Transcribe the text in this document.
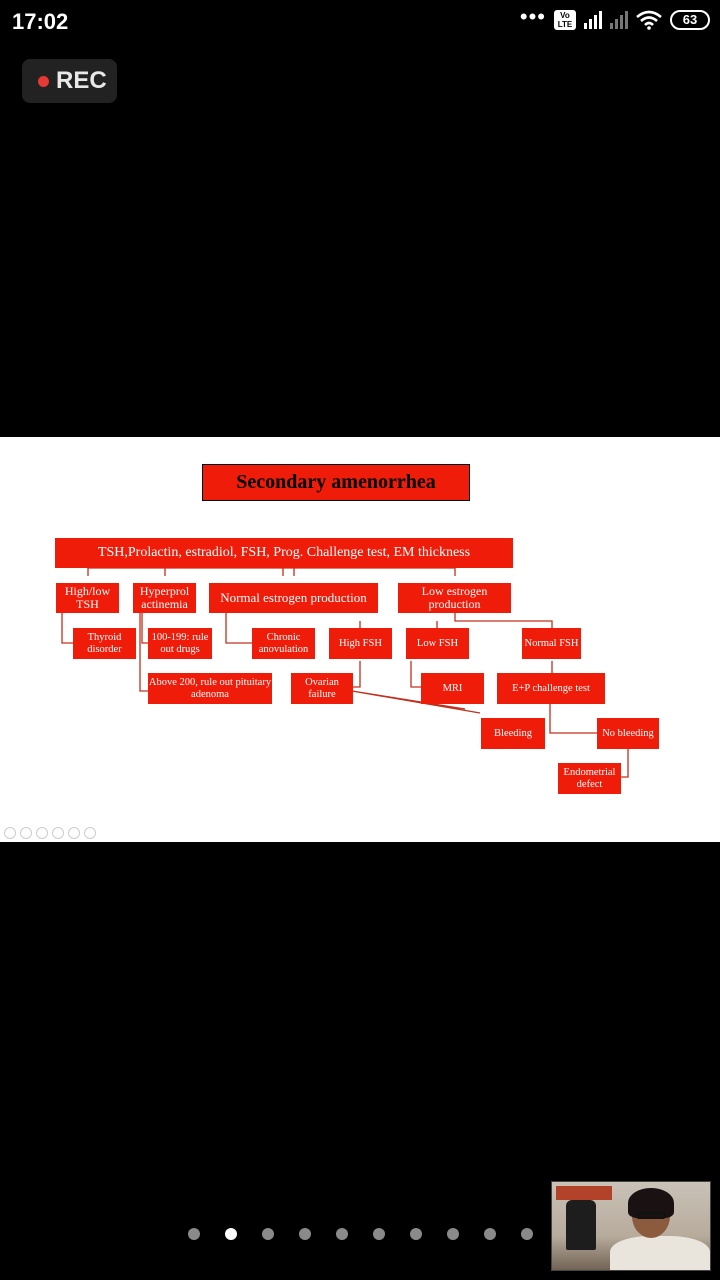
17:02	•••	Vo LTE	63
REC
Secondary amenorrhea
TSH,Prolactin, estradiol, FSH, Prog. Challenge test, EM thickness
High/low TSH
Hyperprol actinemia	Normal estrogen production	Low estrogen production
Thyroid disorder
100-199: rule out drugs
Chronic anovulation
High FSH	Low FSH	Normal FSH
Above 200, rule out pituitary adenoma
Ovarian failure
MRI	E+P challenge test
Bleeding	No bleeding
Endometrial defect
